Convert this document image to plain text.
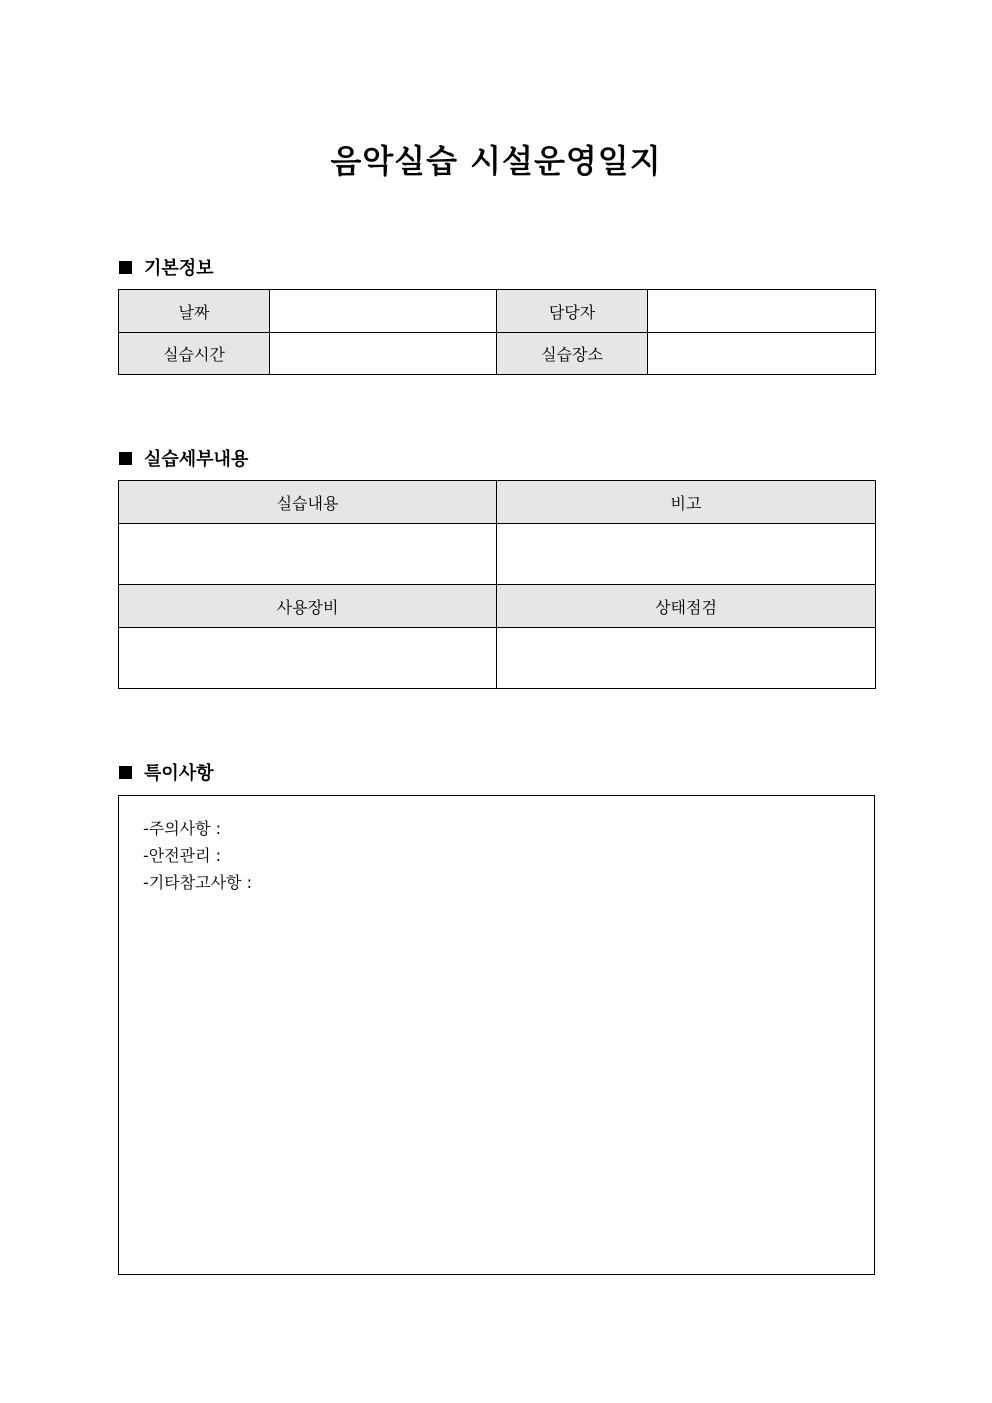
음악실습 시설운영일지
기본정보
날짜		담당자	
실습시간		실습장소	
실습세부내용
실습내용	비고

사용장비	상태점검

특이사항
-주의사항 :
-안전관리 :
-기타참고사항 :
